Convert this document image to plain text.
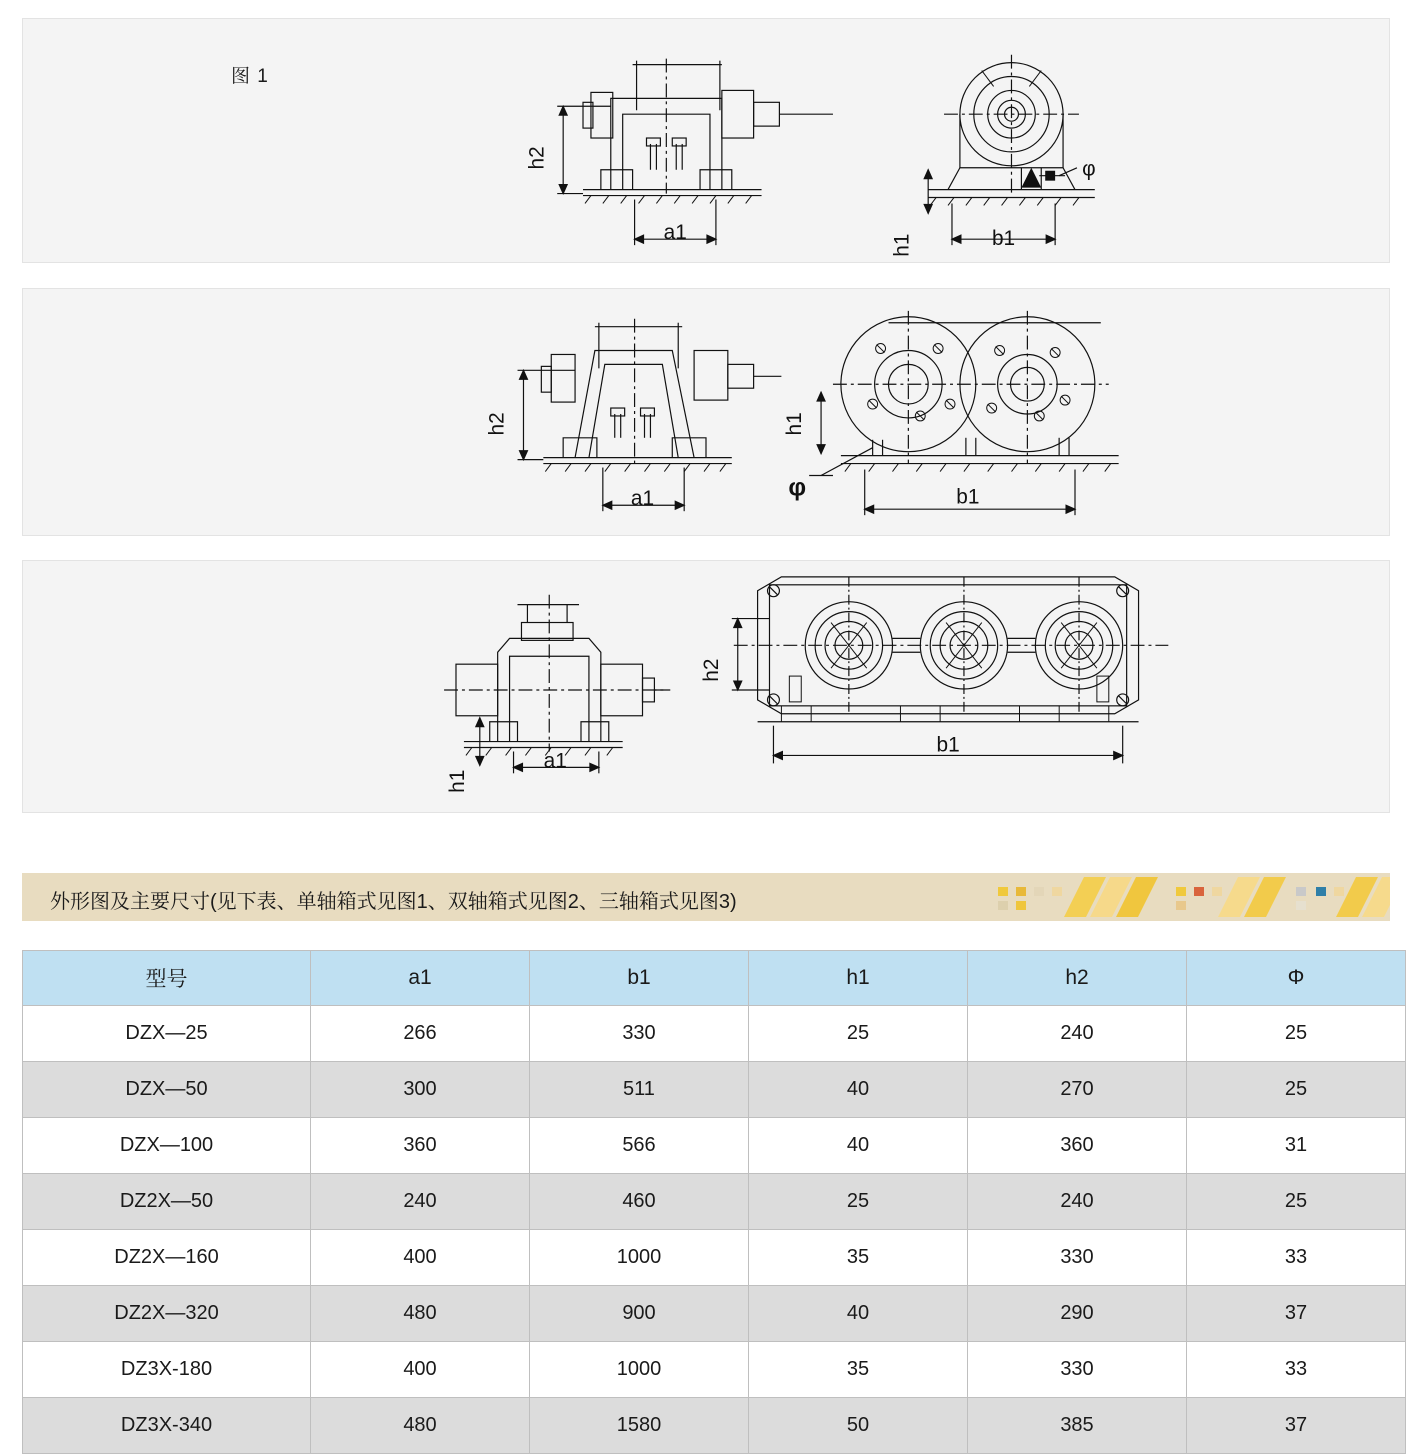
h2
a1
h1	b1
φ
图 1
h2
a1
h1
b1
φ
h1
a1
h2
b1
外形图及主要尺寸(见下表、单轴箱式见图1、双轴箱式见图2、三轴箱式见图3)
型号	a1	b1	h1	h2	Φ
DZX—25	266	330	25	240	25
DZX—50	300	511	40	270	25
DZX—100	360	566	40	360	31
DZ2X—50	240	460	25	240	25
DZ2X—160	400	1000	35	330	33
DZ2X—320	480	900	40	290	37
DZ3X-180	400	1000	35	330	33
DZ3X-340	480	1580	50	385	37
